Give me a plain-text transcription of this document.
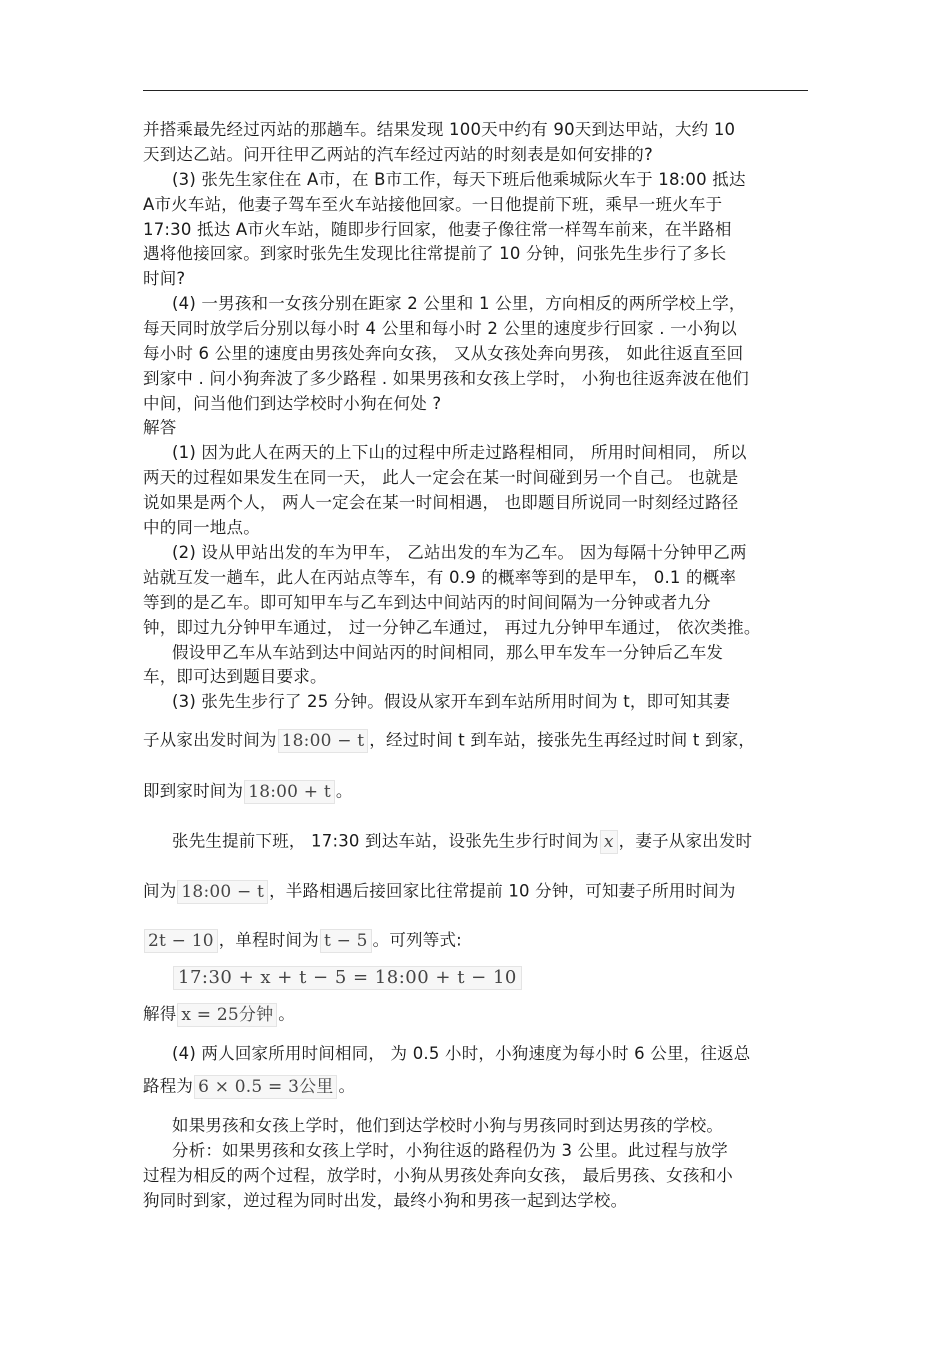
并搭乘最先经过丙站的那趟车。结果发现 100天中约有 90天到达甲站，大约 10
天到达乙站。问开往甲乙两站的汽车经过丙站的时刻表是如何安排的?
(3) 张先生家住在 A市，在 B市工作，每天下班后他乘城际火车于 18:00 抵达
A市火车站，他妻子驾车至火车站接他回家。一日他提前下班，乘早一班火车于
17:30 抵达 A市火车站，随即步行回家，他妻子像往常一样驾车前来，在半路相
遇将他接回家。到家时张先生发现比往常提前了 10 分钟，问张先生步行了多长
时间?
(4) 一男孩和一女孩分别在距家 2 公里和 1 公里，方向相反的两所学校上学，
每天同时放学后分别以每小时 4 公里和每小时 2 公里的速度步行回家 . 一小狗以
每小时 6 公里的速度由男孩处奔向女孩， 又从女孩处奔向男孩， 如此往返直至回
到家中 . 问小狗奔波了多少路程 . 如果男孩和女孩上学时， 小狗也往返奔波在他们
中间，问当他们到达学校时小狗在何处 ?
解答
(1) 因为此人在两天的上下山的过程中所走过路程相同， 所用时间相同， 所以
两天的过程如果发生在同一天， 此人一定会在某一时间碰到另一个自己。 也就是
说如果是两个人， 两人一定会在某一时间相遇， 也即题目所说同一时刻经过路径
中的同一地点。
(2) 设从甲站出发的车为甲车， 乙站出发的车为乙车。 因为每隔十分钟甲乙两
站就互发一趟车，此人在丙站点等车，有 0.9 的概率等到的是甲车， 0.1 的概率
等到的是乙车。即可知甲车与乙车到达中间站丙的时间间隔为一分钟或者九分
钟，即过九分钟甲车通过， 过一分钟乙车通过， 再过九分钟甲车通过， 依次类推。
假设甲乙车从车站到达中间站丙的时间相同，那么甲车发车一分钟后乙车发
车，即可达到题目要求。
(3) 张先生步行了 25 分钟。假设从家开车到车站所用时间为 t，即可知其妻
子从家出发时间为 18:00 − t ，经过时间 t 到车站，接张先生再经过时间 t 到家，
即到家时间为 18:00 + t 。
张先生提前下班， 17:30 到达车站，设张先生步行时间为 x ，妻子从家出发时
间为 18:00 − t ，半路相遇后接回家比往常提前 10 分钟，可知妻子所用时间为
2t − 10 ，单程时间为 t − 5 。可列等式:
17:30 + x + t − 5 = 18:00 + t − 10
解得 x = 25分钟 。
(4) 两人回家所用时间相同， 为 0.5 小时，小狗速度为每小时 6 公里，往返总
路程为 6 × 0.5 = 3公里 。
如果男孩和女孩上学时，他们到达学校时小狗与男孩同时到达男孩的学校。
分析：如果男孩和女孩上学时，小狗往返的路程仍为 3 公里。此过程与放学
过程为相反的两个过程，放学时，小狗从男孩处奔向女孩， 最后男孩、女孩和小
狗同时到家，逆过程为同时出发，最终小狗和男孩一起到达学校。
